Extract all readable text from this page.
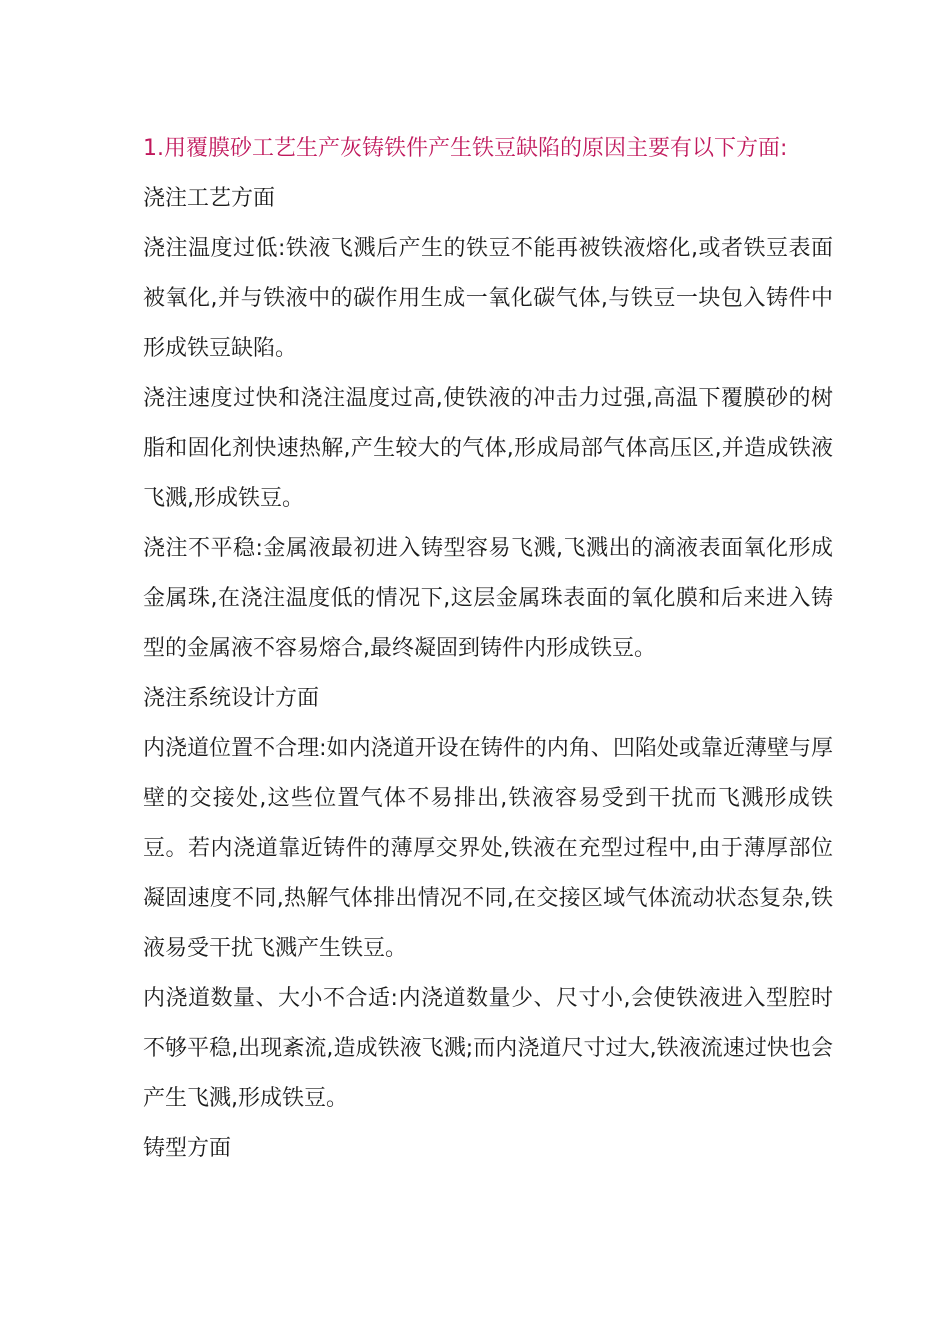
1.用覆膜砂工艺生产灰铸铁件产生铁豆缺陷的原因主要有以下方面:

浇注工艺方面

浇注温度过低:铁液飞溅后产生的铁豆不能再被铁液熔化,或者铁豆表面被氧化,并与铁液中的碳作用生成一氧化碳气体,与铁豆一块包入铸件中形成铁豆缺陷。

浇注速度过快和浇注温度过高,使铁液的冲击力过强,高温下覆膜砂的树脂和固化剂快速热解,产生较大的气体,形成局部气体高压区,并造成铁液飞溅,形成铁豆。

浇注不平稳:金属液最初进入铸型容易飞溅,飞溅出的滴液表面氧化形成金属珠,在浇注温度低的情况下,这层金属珠表面的氧化膜和后来进入铸型的金属液不容易熔合,最终凝固到铸件内形成铁豆。

浇注系统设计方面

内浇道位置不合理:如内浇道开设在铸件的内角、凹陷处或靠近薄壁与厚壁的交接处,这些位置气体不易排出,铁液容易受到干扰而飞溅形成铁豆。若内浇道靠近铸件的薄厚交界处,铁液在充型过程中,由于薄厚部位凝固速度不同,热解气体排出情况不同,在交接区域气体流动状态复杂,铁液易受干扰飞溅产生铁豆。

内浇道数量、大小不合适:内浇道数量少、尺寸小,会使铁液进入型腔时不够平稳,出现紊流,造成铁液飞溅;而内浇道尺寸过大,铁液流速过快也会产生飞溅,形成铁豆。

铸型方面
